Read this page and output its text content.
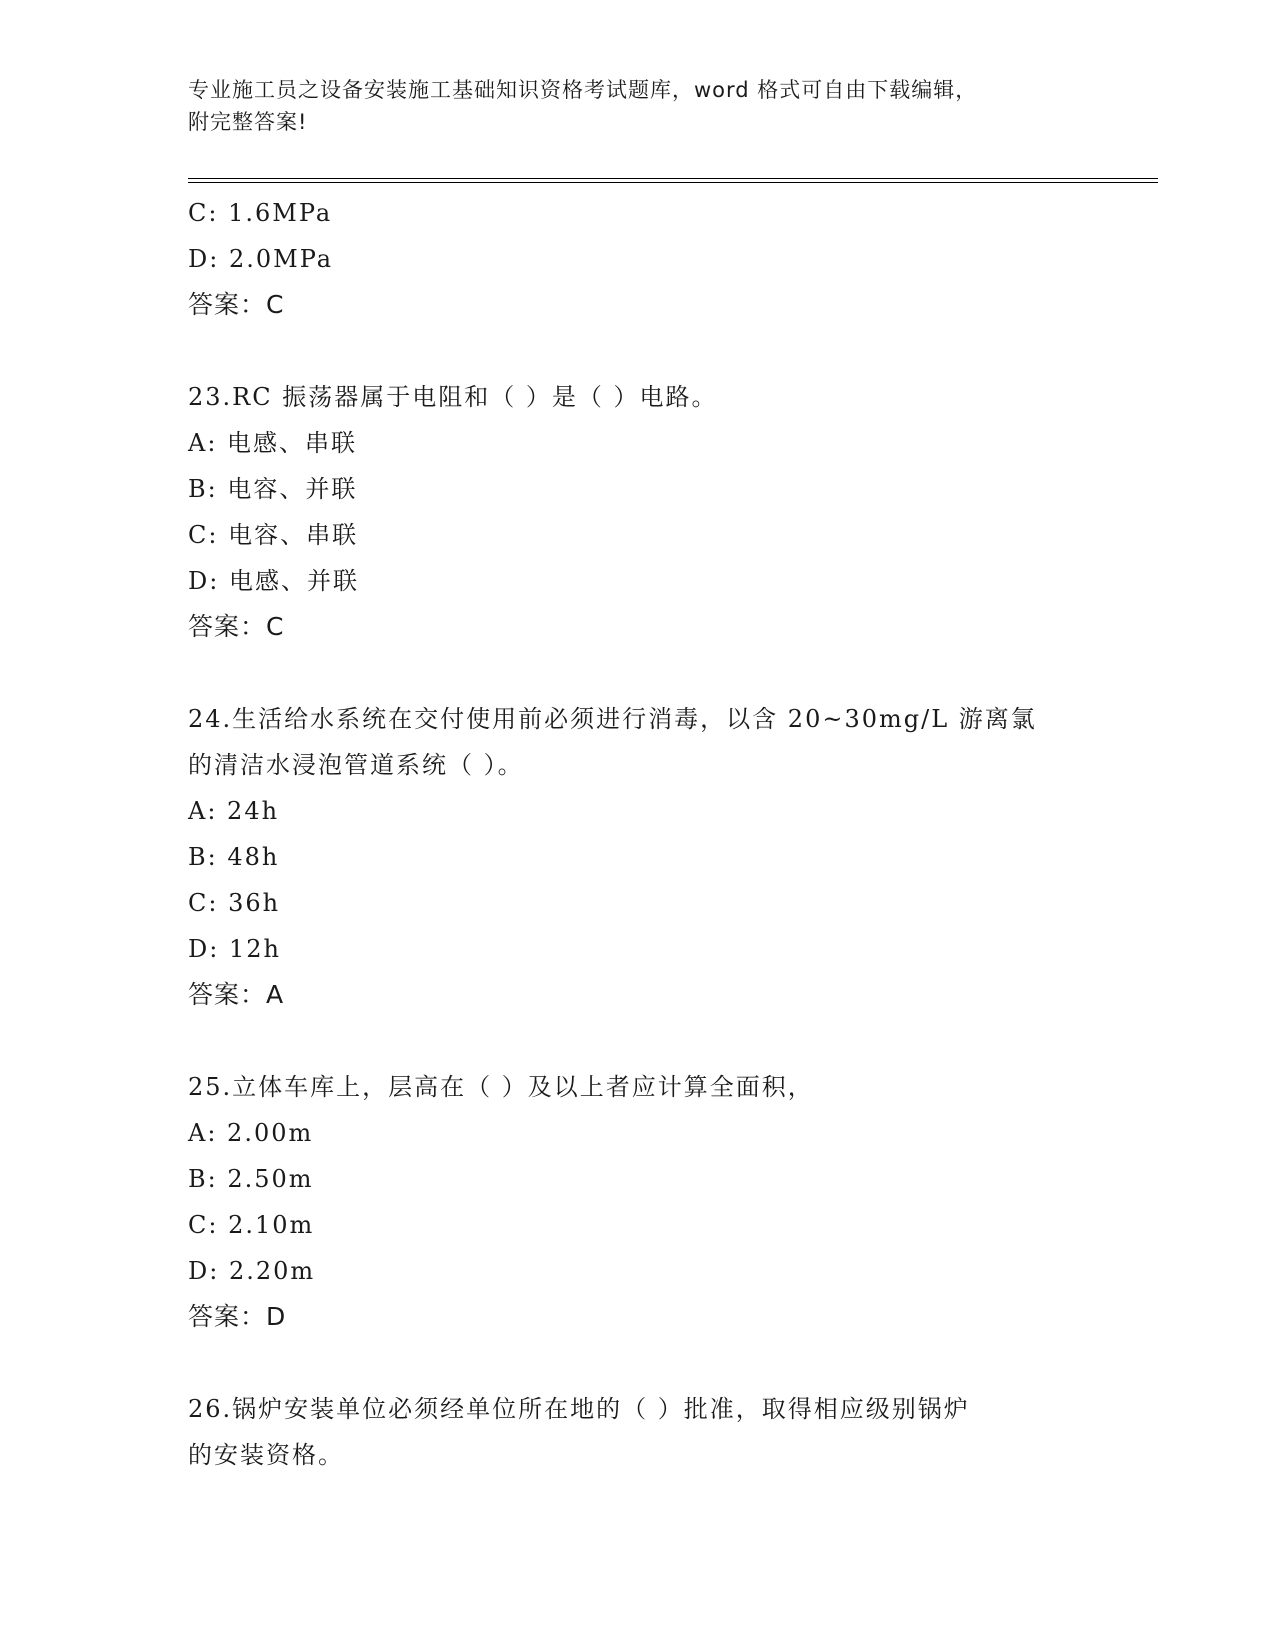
专业施工员之设备安装施工基础知识资格考试题库，word 格式可自由下载编辑，
附完整答案!
C: 1.6MPa
D: 2.0MPa
答案：C
23.RC 振荡器属于电阻和（ ）是（ ）电路。
A: 电感、串联
B: 电容、并联
C: 电容、串联
D: 电感、并联
答案：C
24.生活给水系统在交付使用前必须进行消毒，以含 20~30mg/L 游离氯
的清洁水浸泡管道系统（ ）。
A: 24h
B: 48h
C: 36h
D: 12h
答案：A
25.立体车库上，层高在（ ）及以上者应计算全面积，
A: 2.00m
B: 2.50m
C: 2.10m
D: 2.20m
答案：D
26.锅炉安装单位必须经单位所在地的（ ）批准，取得相应级别锅炉
的安装资格。
